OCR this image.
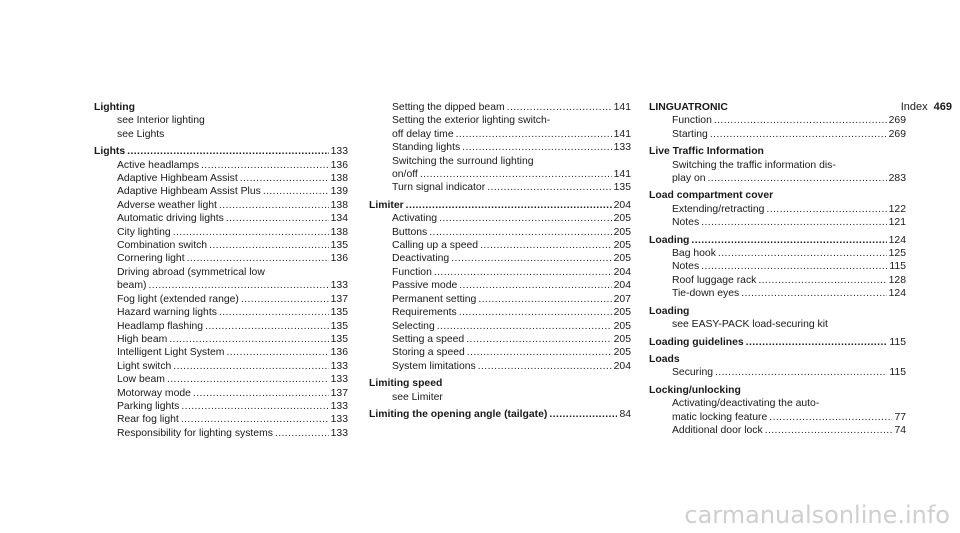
Index 469
Lighting
see Interior lighting
see Lights
Lights .....	133
Active headlamps .....	136
Adaptive Highbeam Assist .....	138
Adaptive Highbeam Assist Plus .....	139
Adverse weather light .....	138
Automatic driving lights .....	134
City lighting .....	138
Combination switch .....	135
Cornering light .....	136
Driving abroad (symmetrical low
beam) .....	133
Fog light (extended range) .....	137
Hazard warning lights .....	135
Headlamp flashing .....	135
High beam .....	135
Intelligent Light System .....	136
Light switch .....	133
Low beam .....	133
Motorway mode .....	137
Parking lights .....	133
Rear fog light .....	133
Responsibility for lighting systems .....	133
Setting the dipped beam .....	141
Setting the exterior lighting switch-
off delay time .....	141
Standing lights .....	133
Switching the surround lighting
on/off .....	141
Turn signal indicator .....	135
Limiter .....	204
Activating .....	205
Buttons .....	205
Calling up a speed .....	205
Deactivating .....	205
Function .....	204
Passive mode .....	204
Permanent setting .....	207
Requirements .....	205
Selecting .....	205
Setting a speed .....	205
Storing a speed .....	205
System limitations .....	204
Limiting speed
see Limiter
Limiting the opening angle (tailgate) .....	84
LINGUATRONIC
Function .....	269
Starting .....	269
Live Traffic Information
Switching the traffic information dis-
play on .....	283
Load compartment cover
Extending/retracting .....	122
Notes .....	121
Loading .....	124
Bag hook .....	125
Notes .....	115
Roof luggage rack .....	128
Tie-down eyes .....	124
Loading
see EASY-PACK load-securing kit
Loading guidelines .....	115
Loads
Securing .....	115
Locking/unlocking
Activating/deactivating the auto-
matic locking feature .....	77
Additional door lock .....	74
carmanualsonline.info
